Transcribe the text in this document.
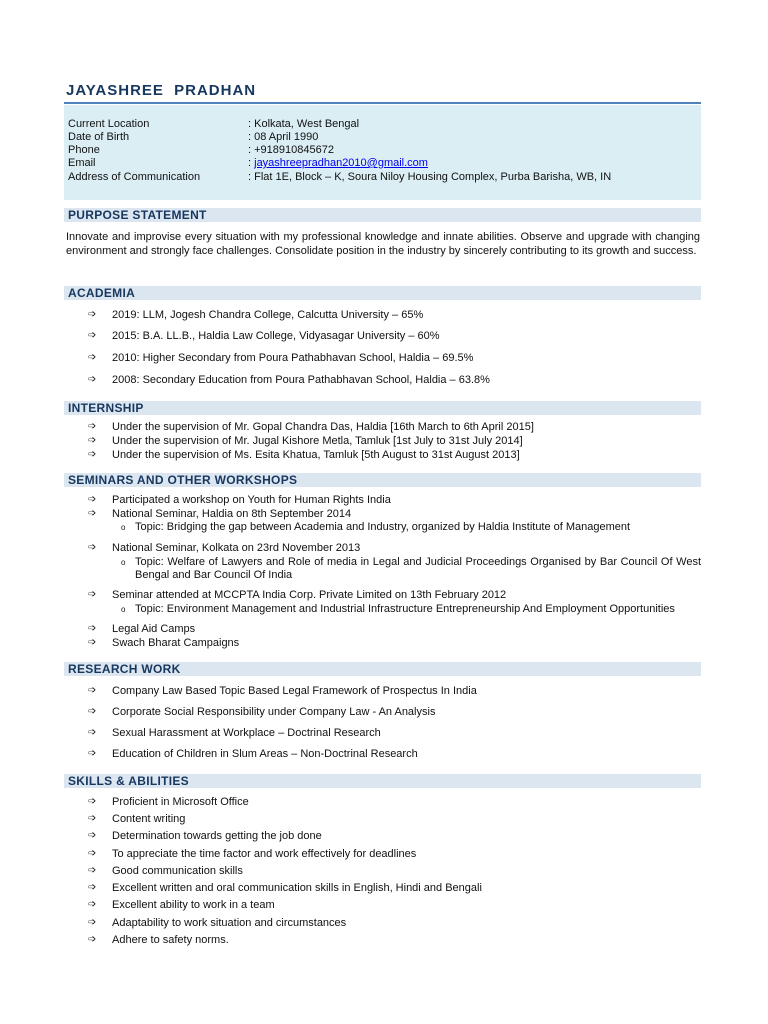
JAYASHREE PRADHAN
Current Location	: Kolkata, West Bengal
Date of Birth	: 08 April 1990
Phone	: +918910845672
Email	: jayashreepradhan2010@gmail.com
Address of Communication	: Flat 1E, Block – K, Soura Niloy Housing Complex, Purba Barisha, WB, IN
PURPOSE STATEMENT
Innovate and improvise every situation with my professional knowledge and innate abilities. Observe and upgrade with changing environment and strongly face challenges. Consolidate position in the industry by sincerely contributing to its growth and success.
ACADEMIA
➩ 2019: LLM, Jogesh Chandra College, Calcutta University – 65%
➩ 2015: B.A. LL.B., Haldia Law College, Vidyasagar University – 60%
➩ 2010: Higher Secondary from Poura Pathabhavan School, Haldia – 69.5%
➩ 2008: Secondary Education from Poura Pathabhavan School, Haldia – 63.8%
INTERNSHIP
➩ Under the supervision of Mr. Gopal Chandra Das, Haldia [16th March to 6th April 2015]
➩ Under the supervision of Mr. Jugal Kishore Metla, Tamluk [1st July to 31st July 2014]
➩ Under the supervision of Ms. Esita Khatua, Tamluk [5th August to 31st August 2013]
SEMINARS AND OTHER WORKSHOPS
➩ Participated a workshop on Youth for Human Rights India
➩ National Seminar, Haldia on 8th September 2014
o Topic: Bridging the gap between Academia and Industry, organized by Haldia Institute of Management
➩ National Seminar, Kolkata on 23rd November 2013
o Topic: Welfare of Lawyers and Role of media in Legal and Judicial Proceedings Organised by Bar Council Of West Bengal and Bar Council Of India
➩ Seminar attended at MCCPTA India Corp. Private Limited on 13th February 2012
o Topic: Environment Management and Industrial Infrastructure Entrepreneurship And Employment Opportunities
➩ Legal Aid Camps
➩ Swach Bharat Campaigns
RESEARCH WORK
➩ Company Law Based Topic Based Legal Framework of Prospectus In India
➩ Corporate Social Responsibility under Company Law - An Analysis
➩ Sexual Harassment at Workplace – Doctrinal Research
➩ Education of Children in Slum Areas – Non-Doctrinal Research
SKILLS & ABILITIES
➩ Proficient in Microsoft Office
➩ Content writing
➩ Determination towards getting the job done
➩ To appreciate the time factor and work effectively for deadlines
➩ Good communication skills
➩ Excellent written and oral communication skills in English, Hindi and Bengali
➩ Excellent ability to work in a team
➩ Adaptability to work situation and circumstances
➩ Adhere to safety norms.
